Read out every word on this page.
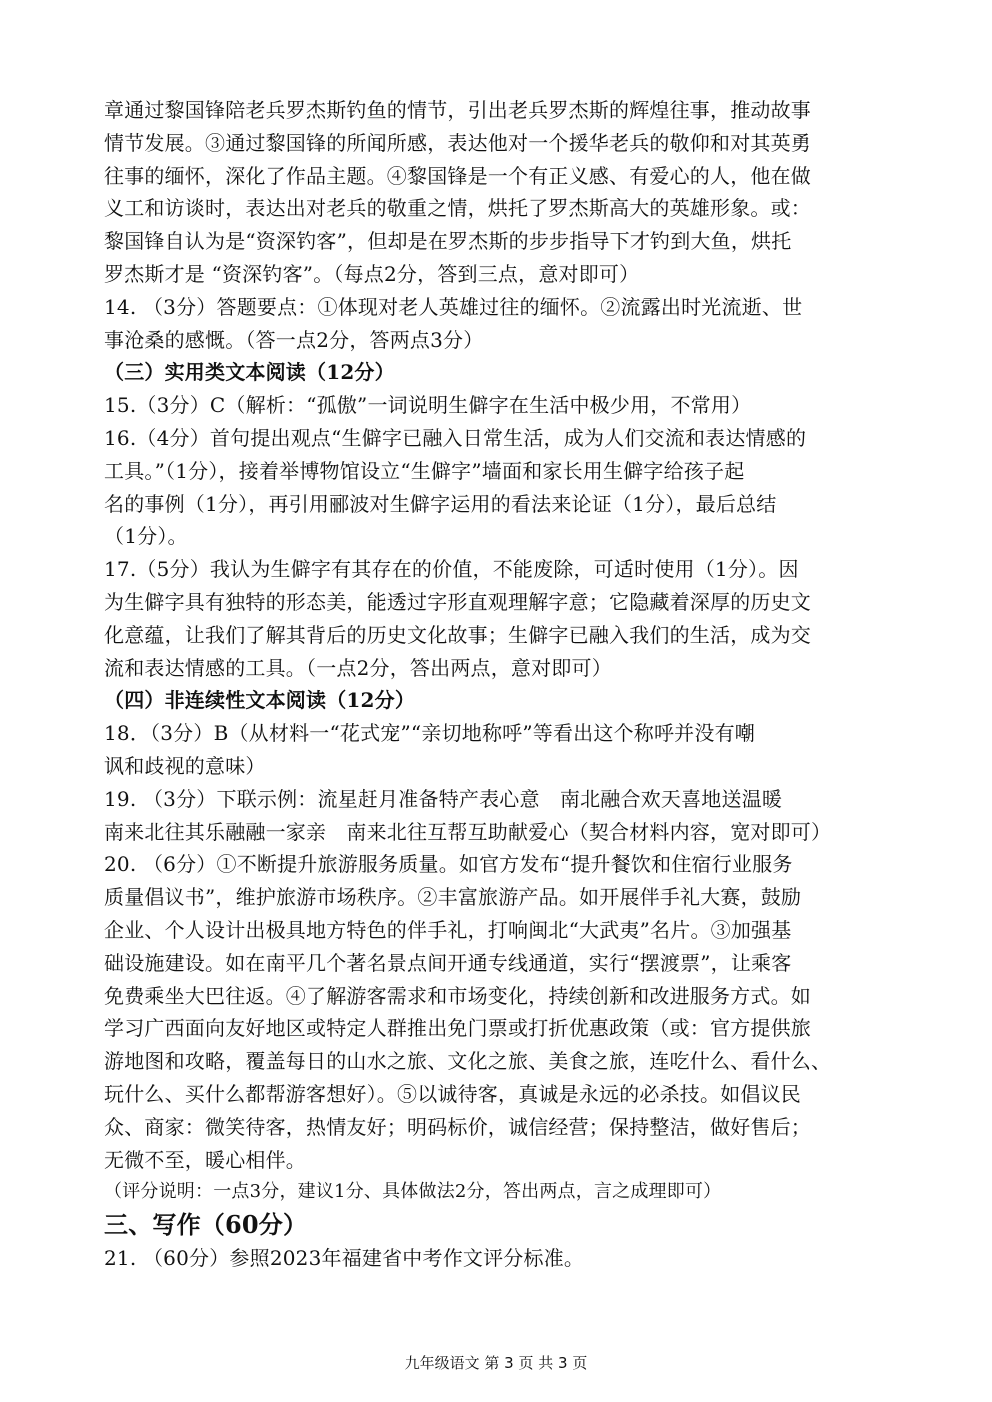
章通过黎国锋陪老兵罗杰斯钓鱼的情节，引出老兵罗杰斯的辉煌往事，推动故事
情节发展。③通过黎国锋的所闻所感，表达他对一个援华老兵的敬仰和对其英勇
往事的缅怀，深化了作品主题。④黎国锋是一个有正义感、有爱心的人，他在做
义工和访谈时，表达出对老兵的敬重之情，烘托了罗杰斯高大的英雄形象。或：
黎国锋自认为是“资深钓客”，但却是在罗杰斯的步步指导下才钓到大鱼，烘托
罗杰斯才是 “资深钓客”。（每点2分，答到三点，意对即可）
14. （3分）答题要点：①体现对老人英雄过往的缅怀。②流露出时光流逝、世
事沧桑的感慨。（答一点2分，答两点3分）
（三）实用类文本阅读（12分）
15.（3分）C（解析：“孤傲”一词说明生僻字在生活中极少用，不常用）
16.（4分）首句提出观点“生僻字已融入日常生活，成为人们交流和表达情感的
工具。”（1分），接着举博物馆设立“生僻字”墙面和家长用生僻字给孩子起
名的事例（1分），再引用郦波对生僻字运用的看法来论证（1分），最后总结
（1分）。
17.（5分）我认为生僻字有其存在的价值，不能废除，可适时使用（1分）。因
为生僻字具有独特的形态美，能透过字形直观理解字意；它隐藏着深厚的历史文
化意蕴，让我们了解其背后的历史文化故事；生僻字已融入我们的生活，成为交
流和表达情感的工具。（一点2分，答出两点，意对即可）
（四）非连续性文本阅读（12分）
18．（3分）B（从材料一“花式宠”“亲切地称呼”等看出这个称呼并没有嘲
讽和歧视的意味）
19. （3分）下联示例：流星赶月准备特产表心意　南北融合欢天喜地送温暖
南来北往其乐融融一家亲　南来北往互帮互助献爱心（契合材料内容，宽对即可）
20. （6分）①不断提升旅游服务质量。如官方发布“提升餐饮和住宿行业服务
质量倡议书”，维护旅游市场秩序。②丰富旅游产品。如开展伴手礼大赛，鼓励
企业、个人设计出极具地方特色的伴手礼，打响闽北“大武夷”名片。③加强基
础设施建设。如在南平几个著名景点间开通专线通道，实行“摆渡票”，让乘客
免费乘坐大巴往返。④了解游客需求和市场变化，持续创新和改进服务方式。如
学习广西面向友好地区或特定人群推出免门票或打折优惠政策（或：官方提供旅
游地图和攻略，覆盖每日的山水之旅、文化之旅、美食之旅，连吃什么、看什么、
玩什么、买什么都帮游客想好）。⑤以诚待客，真诚是永远的必杀技。如倡议民
众、商家：微笑待客，热情友好；明码标价，诚信经营；保持整洁，做好售后；
无微不至，暖心相伴。
（评分说明：一点3分，建议1分、具体做法2分，答出两点，言之成理即可）
三、写作（60分）
21. （60分）参照2023年福建省中考作文评分标准。
九年级语文 第 3 页 共 3 页
